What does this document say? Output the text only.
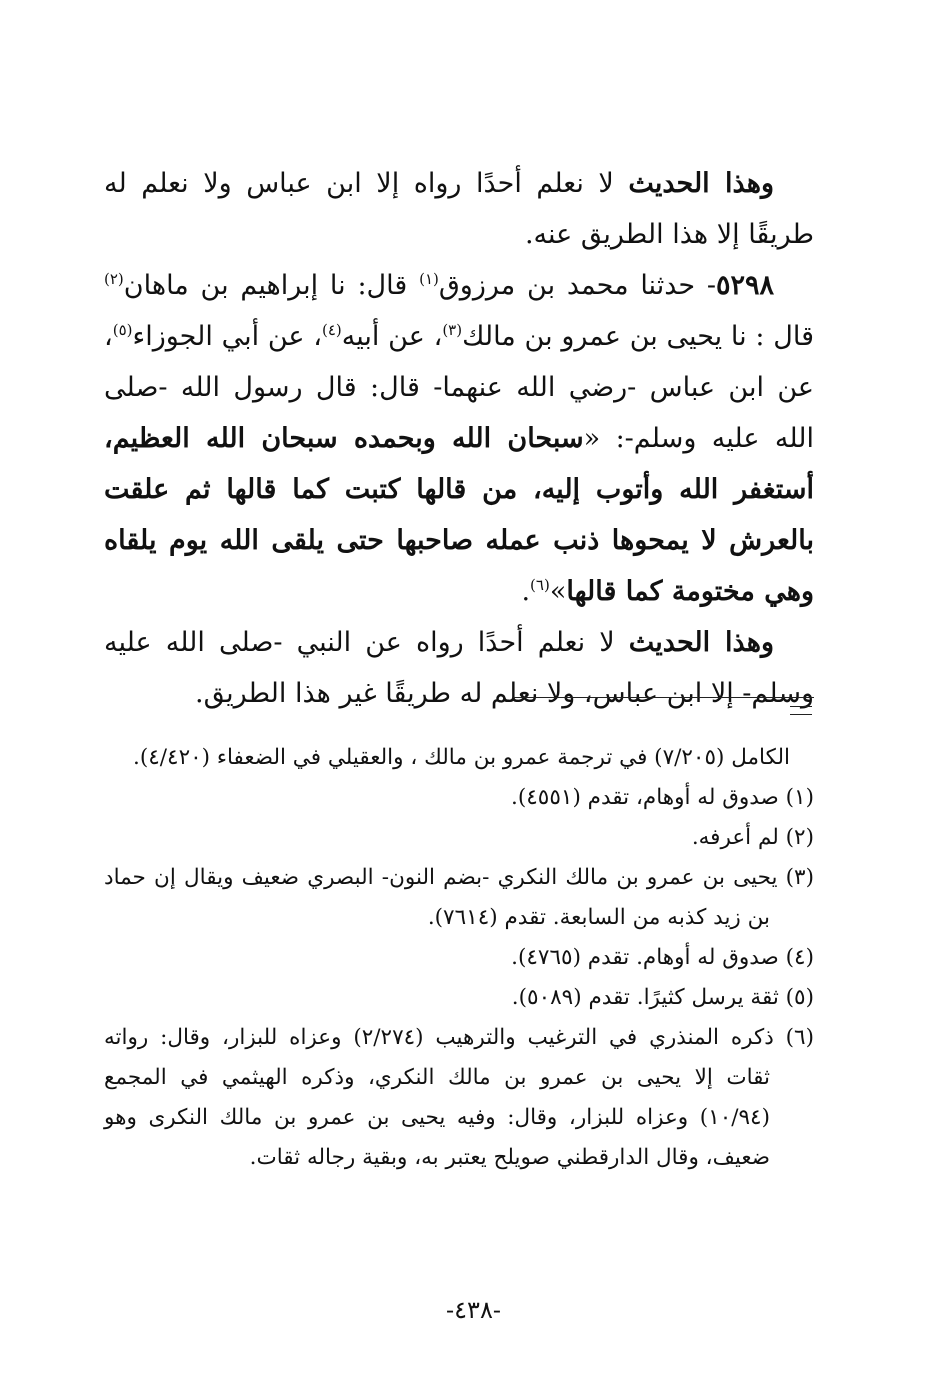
وهذا الحديث لا نعلم أحدًا رواه إلا ابن عباس ولا نعلم له طريقًا إلا هذا الطريق عنه.

٥٢٩٨- حدثنا محمد بن مرزوق$^{(١)}$ قال: نا إبراهيم بن ماهان$^{(٢)}$ قال : نا يحيى بن عمرو بن مالك$^{(٣)}$، عن أبيه$^{(٤)}$، عن أبي الجوزاء$^{(٥)}$، عن ابن عباس -رضي الله عنهما- قال: قال رسول الله -صلى الله عليه وسلم-: «سبحان الله وبحمده سبحان الله العظيم، أستغفر الله وأتوب إليه، من قالها كتبت كما قالها ثم علقت بالعرش لا يمحوها ذنب عمله صاحبها حتى يلقى الله يوم يلقاه وهي مختومة كما قالها»$^{(٦)}$.

وهذا الحديث لا نعلم أحدًا رواه عن النبي -صلى الله عليه وسلم- إلا ابن عباس، ولا نعلم له طريقًا غير هذا الطريق.

الكامل (٧/٢٠٥) في ترجمة عمرو بن مالك ، والعقيلي في الضعفاء (٤/٤٢٠).

(١) صدوق له أوهام، تقدم (٤٥٥١).

(٢) لم أعرفه.

(٣) يحيى بن عمرو بن مالك النكري -بضم النون- البصري ضعيف ويقال إن حماد بن زيد كذبه من السابعة. تقدم (٧٦١٤).

(٤) صدوق له أوهام. تقدم (٤٧٦٥).

(٥) ثقة يرسل كثيرًا. تقدم (٥٠٨٩).

(٦) ذكره المنذري في الترغيب والترهيب (٢/٢٧٤) وعزاه للبزار، وقال: رواته ثقات إلا يحيى بن عمرو بن مالك النكري، وذكره الهيثمي في المجمع (١٠/٩٤) وعزاه للبزار، وقال: وفيه يحيى بن عمرو بن مالك النكرى وهو ضعيف، وقال الدارقطني صويلح يعتبر به، وبقية رجاله ثقات.

-٤٣٨-
